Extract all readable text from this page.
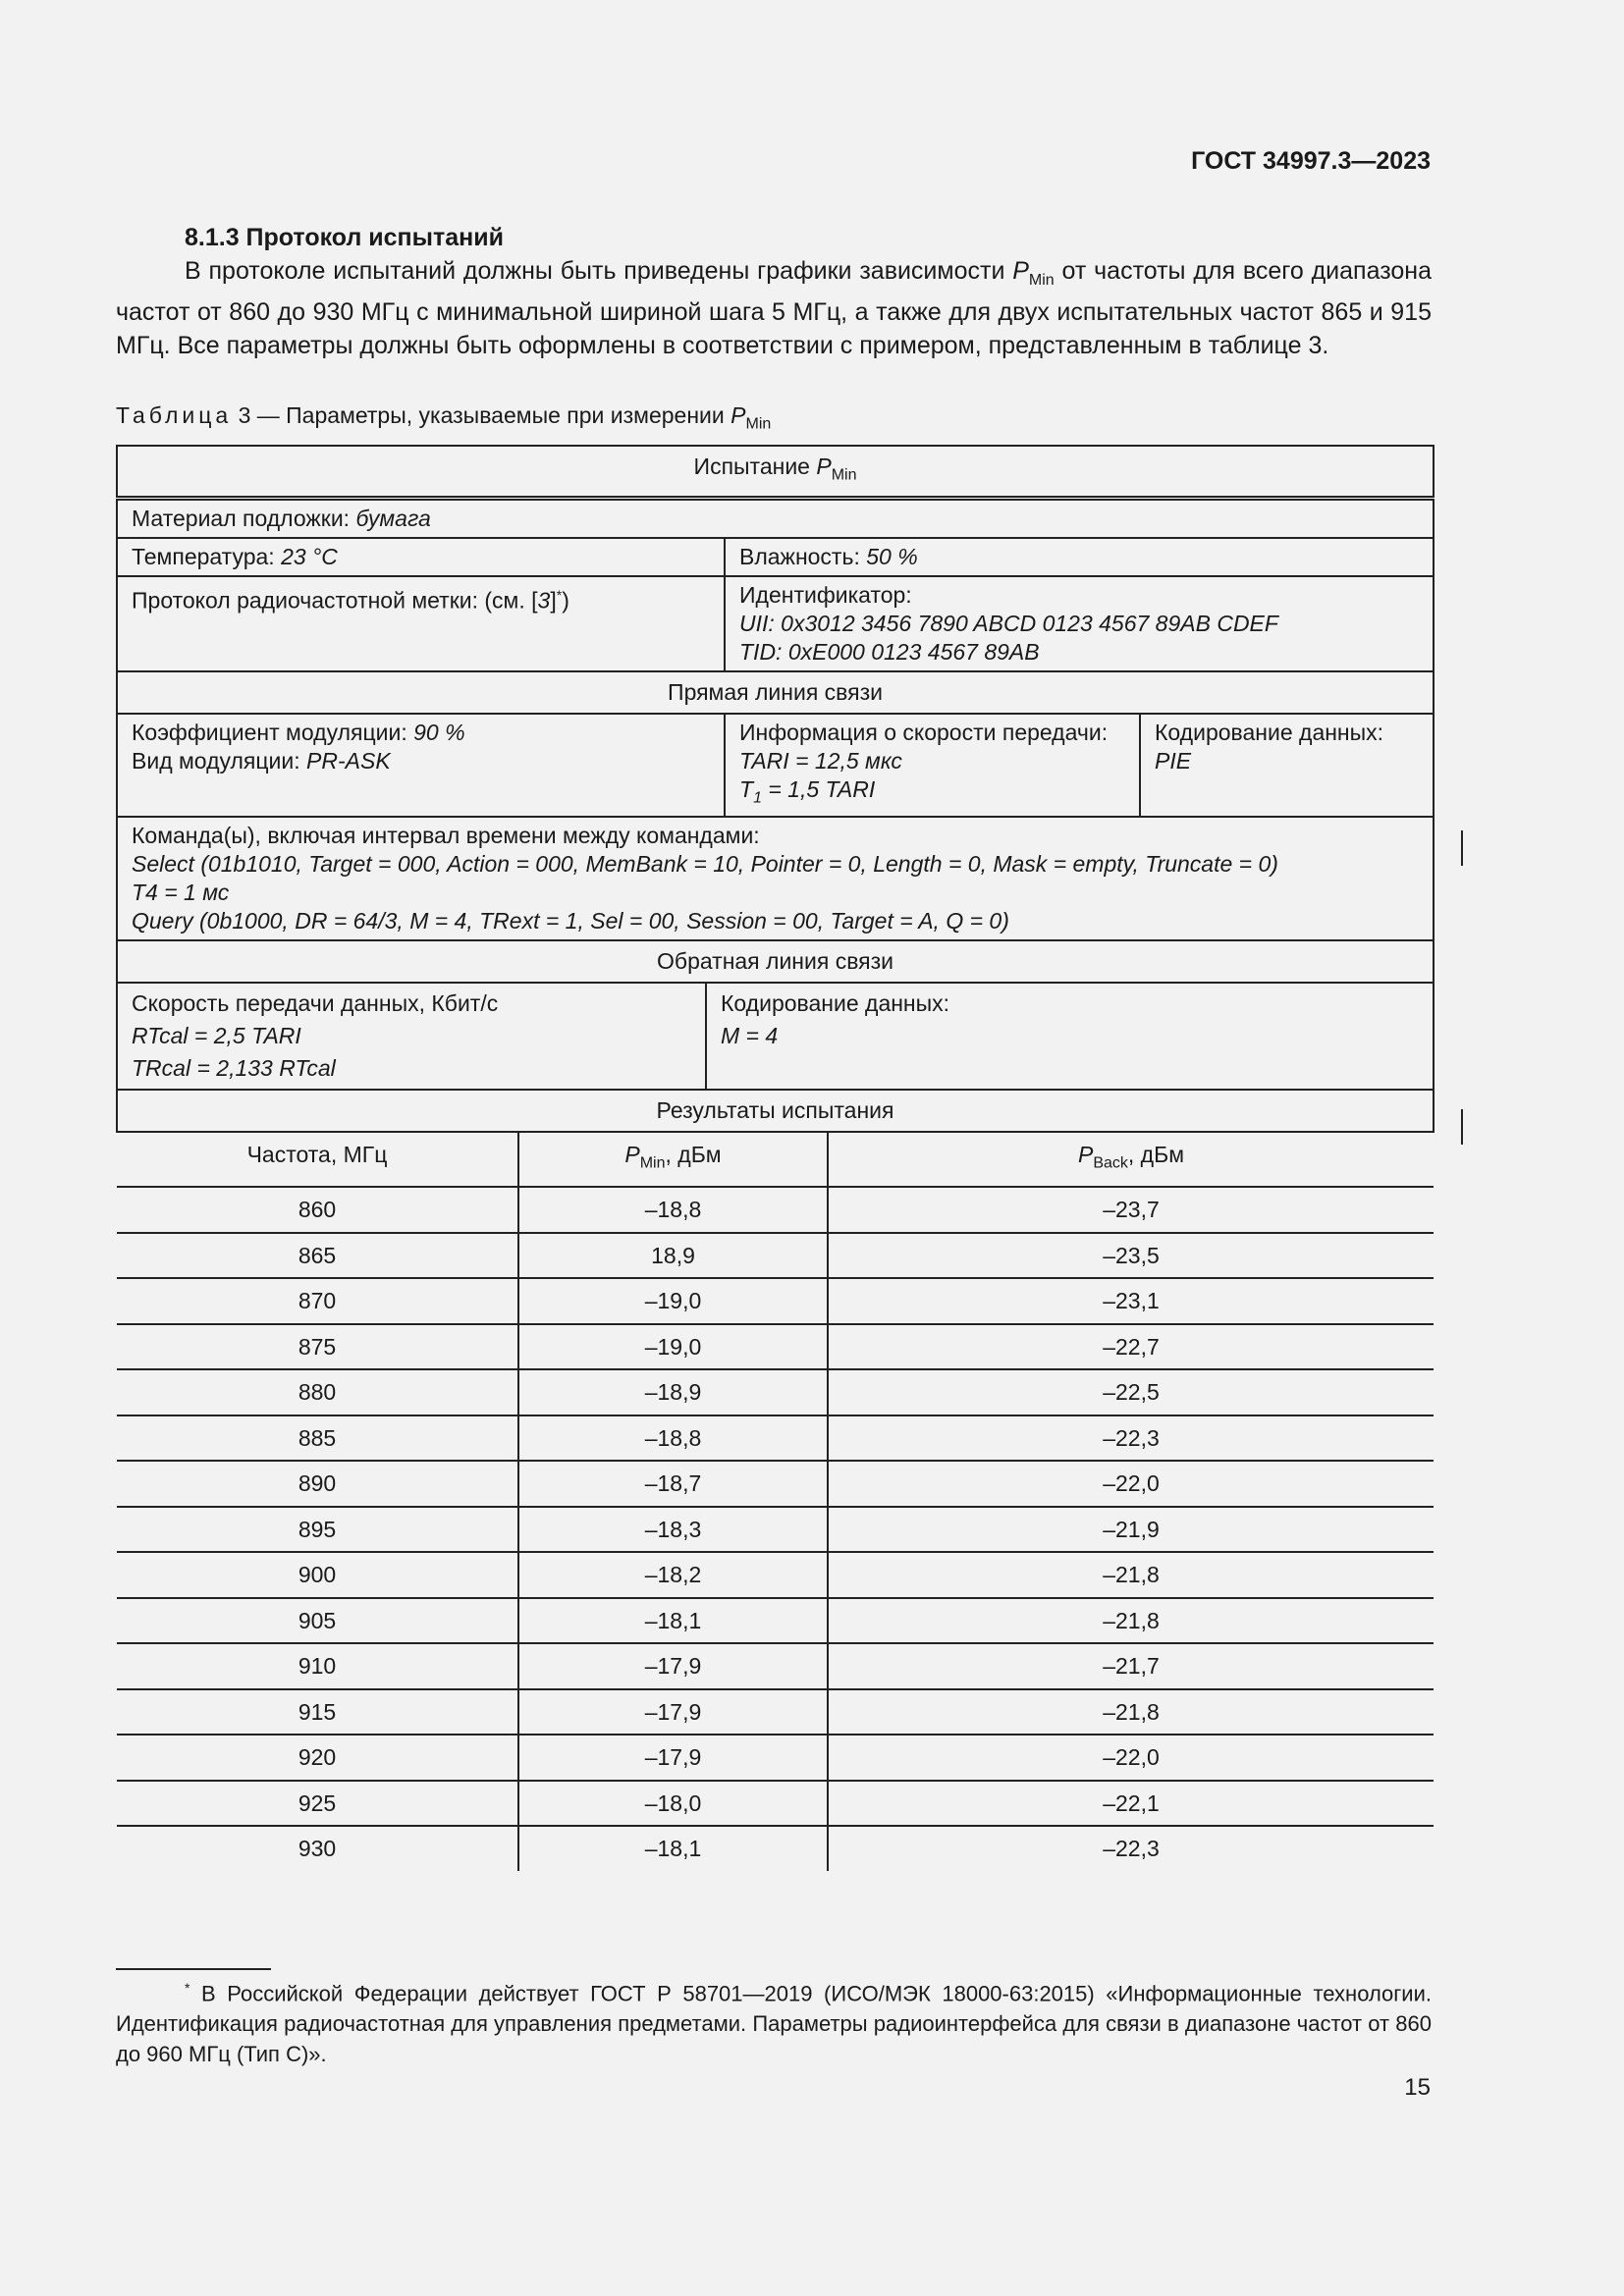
ГОСТ 34997.3—2023
8.1.3 Протокол испытаний
В протоколе испытаний должны быть приведены графики зависимости $P_{Min}$ от частоты для всего диапазона частот от 860 до 930 МГц с минимальной шириной шага 5 МГц, а также для двух испытательных частот 865 и 915 МГц. Все параметры должны быть оформлены в соответствии с примером, представленным в таблице 3.
Таблица 3 — Параметры, указываемые при измерении $P_{Min}$
Испытание $P_{Min}$
Материал подложки: бумага
Температура: 23 °C	Влажность: 50 %
Протокол радиочастотной метки: (см. [3]*)	Идентификатор:
UII: 0x3012 3456 7890 ABCD 0123 4567 89AB CDEF
TID: 0xE000 0123 4567 89AB

Прямая линия связи

Коэффициент модуляции: 90 %
Вид модуляции: PR-ASK

Информация о скорости передачи:
TARI = 12,5 мкс
$T_1 = 1,5$ TARI

Кодирование данных:
PIE

Команда(ы), включая интервал времени между командами:
Select (01b1010, Target = 000, Action = 000, MemBank = 10, Pointer = 0, Length = 0, Mask = empty, Truncate = 0)
T4 = 1 мс
Query (0b1000, DR = 64/3, M = 4, TRext = 1, Sel = 00, Session = 00, Target = A, Q = 0)

Обратная линия связи

Скорость передачи данных, Кбит/с
RTcal = 2,5 TARI
TRcal = 2,133 RTcal

Кодирование данных:
M = 4

Результаты испытания

Частота, МГц	$P_{Min}$, дБм	$P_{Back}$, дБм
860	–18,8	–23,7
865	18,9	–23,5
870	–19,0	–23,1
875	–19,0	–22,7
880	–18,9	–22,5
885	–18,8	–22,3
890	–18,7	–22,0
895	–18,3	–21,9
900	–18,2	–21,8
905	–18,1	–21,8
910	–17,9	–21,7
915	–17,9	–21,8
920	–17,9	–22,0
925	–18,0	–22,1
930	–18,1	–22,3
* В Российской Федерации действует ГОСТ Р 58701—2019 (ИСО/МЭК 18000-63:2015) «Информационные технологии. Идентификация радиочастотная для управления предметами. Параметры радиоинтерфейса для связи в диапазоне частот от 860 до 960 МГц (Тип С)».
15
